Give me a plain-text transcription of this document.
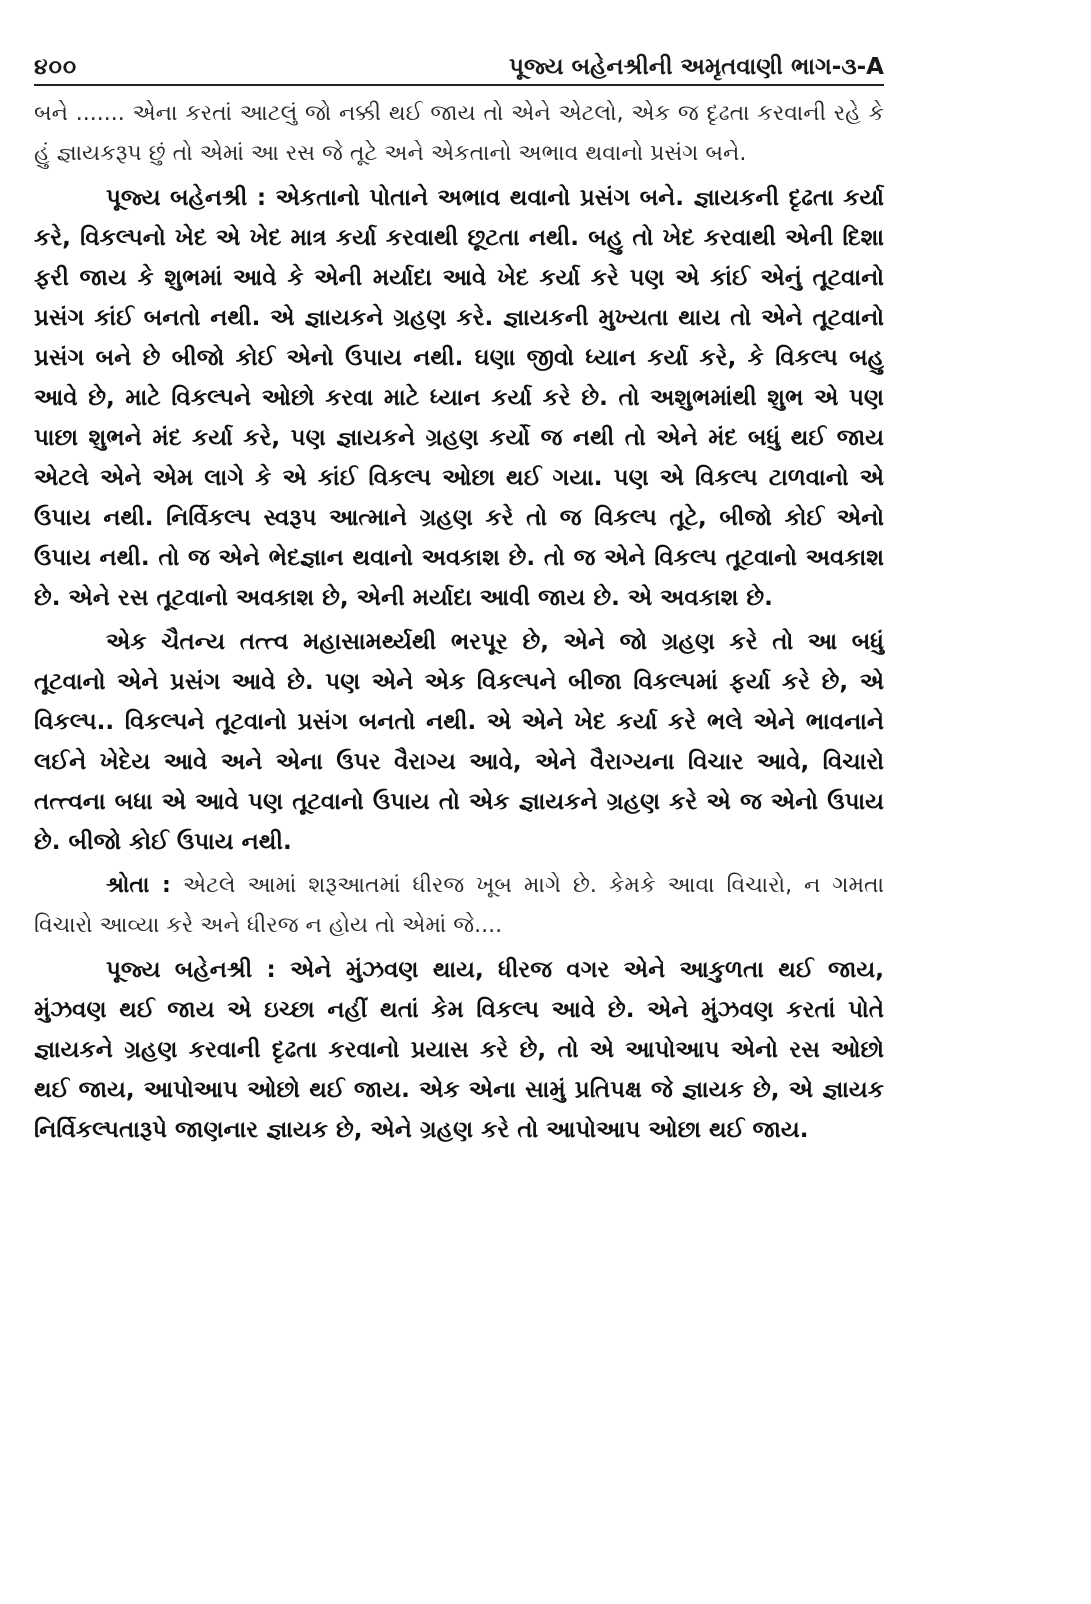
૪૦૦	પૂજ્ય બહેનશ્રીની અમૃતવાણી ભાગ-૩-A

બને ....... એના કરતાં આટલું જો નક્કી થઈ જાય તો એને એટલો, એક જ દૃઢતા કરવાની રહે કે હું જ્ઞાયકરૂપ છું તો એમાં આ રસ જે તૂટે અને એકતાનો અભાવ થવાનો પ્રસંગ બને.

પૂજ્ય બહેનશ્રી : એકતાનો પોતાને અભાવ થવાનો પ્રસંગ બને. જ્ઞાયકની દૃઢતા કર્યા કરે, વિકલ્પનો ખેદ એ ખેદ માત્ર કર્યા કરવાથી છૂટતા નથી. બહુ તો ખેદ કરવાથી એની દિશા ફરી જાય કે શુભમાં આવે કે એની મર્યાદા આવે ખેદ કર્યા કરે પણ એ કાંઈ એનું તૂટવાનો પ્રસંગ કાંઈ બનતો નથી. એ જ્ઞાયકને ગ્રહણ કરે. જ્ઞાયકની મુખ્યતા થાય તો એને તૂટવાનો પ્રસંગ બને છે બીજો કોઈ એનો ઉપાય નથી. ઘણા જીવો ધ્યાન કર્યા કરે, કે વિકલ્પ બહુ આવે છે, માટે વિકલ્પને ઓછો કરવા માટે ધ્યાન કર્યા કરે છે. તો અશુભમાંથી શુભ એ પણ પાછા શુભને મંદ કર્યા કરે, પણ જ્ઞાયકને ગ્રહણ કર્યો જ નથી તો એને મંદ બધું થઈ જાય એટલે એને એમ લાગે કે એ કાંઈ વિકલ્પ ઓછા થઈ ગયા. પણ એ વિકલ્પ ટાળવાનો એ ઉપાય નથી. નિર્વિકલ્પ સ્વરૂપ આત્માને ગ્રહણ કરે તો જ વિકલ્પ તૂટે, બીજો કોઈ એનો ઉપાય નથી. તો જ એને ભેદજ્ઞાન થવાનો અવકાશ છે. તો જ એને વિકલ્પ તૂટવાનો અવકાશ છે. એને રસ તૂટવાનો અવકાશ છે, એની મર્યાદા આવી જાય છે. એ અવકાશ છે.

એક ચૈતન્ય તત્ત્વ મહાસામર્થ્યથી ભરપૂર છે, એને જો ગ્રહણ કરે તો આ બધું તૂટવાનો એને પ્રસંગ આવે છે. પણ એને એક વિકલ્પને બીજા વિકલ્પમાં ફર્યા કરે છે, એ વિકલ્પ.. વિકલ્પને તૂટવાનો પ્રસંગ બનતો નથી. એ એને ખેદ કર્યા કરે ભલે એને ભાવનાને લઈને ખેદેય આવે અને એના ઉપર વૈરાગ્ય આવે, એને વૈરાગ્યના વિચાર આવે, વિચારો તત્ત્વના બધા એ આવે પણ તૂટવાનો ઉપાય તો એક જ્ઞાયકને ગ્રહણ કરે એ જ એનો ઉપાય છે. બીજો કોઈ ઉપાય નથી.

શ્રોતા : એટલે આમાં શરૂઆતમાં ધીરજ ખૂબ માગે છે. કેમકે આવા વિચારો, ન ગમતા વિચારો આવ્યા કરે અને ધીરજ ન હોય તો એમાં જે....

પૂજ્ય બહેનશ્રી : એને મુંઝવણ થાય, ધીરજ વગર એને આકુળતા થઈ જાય, મુંઝવણ થઈ જાય એ ઇચ્છા નહીં થતાં કેમ વિકલ્પ આવે છે. એને મુંઝવણ કરતાં પોતે જ્ઞાયકને ગ્રહણ કરવાની દૃઢતા કરવાનો પ્રયાસ કરે છે, તો એ આપોઆપ એનો રસ ઓછો થઈ જાય, આપોઆપ ઓછો થઈ જાય. એક એના સામું પ્રતિપક્ષ જે જ્ઞાયક છે, એ જ્ઞાયક નિર્વિકલ્પતારૂપે જાણનાર જ્ઞાયક છે, એને ગ્રહણ કરે તો આપોઆપ ઓછા થઈ જાય.
